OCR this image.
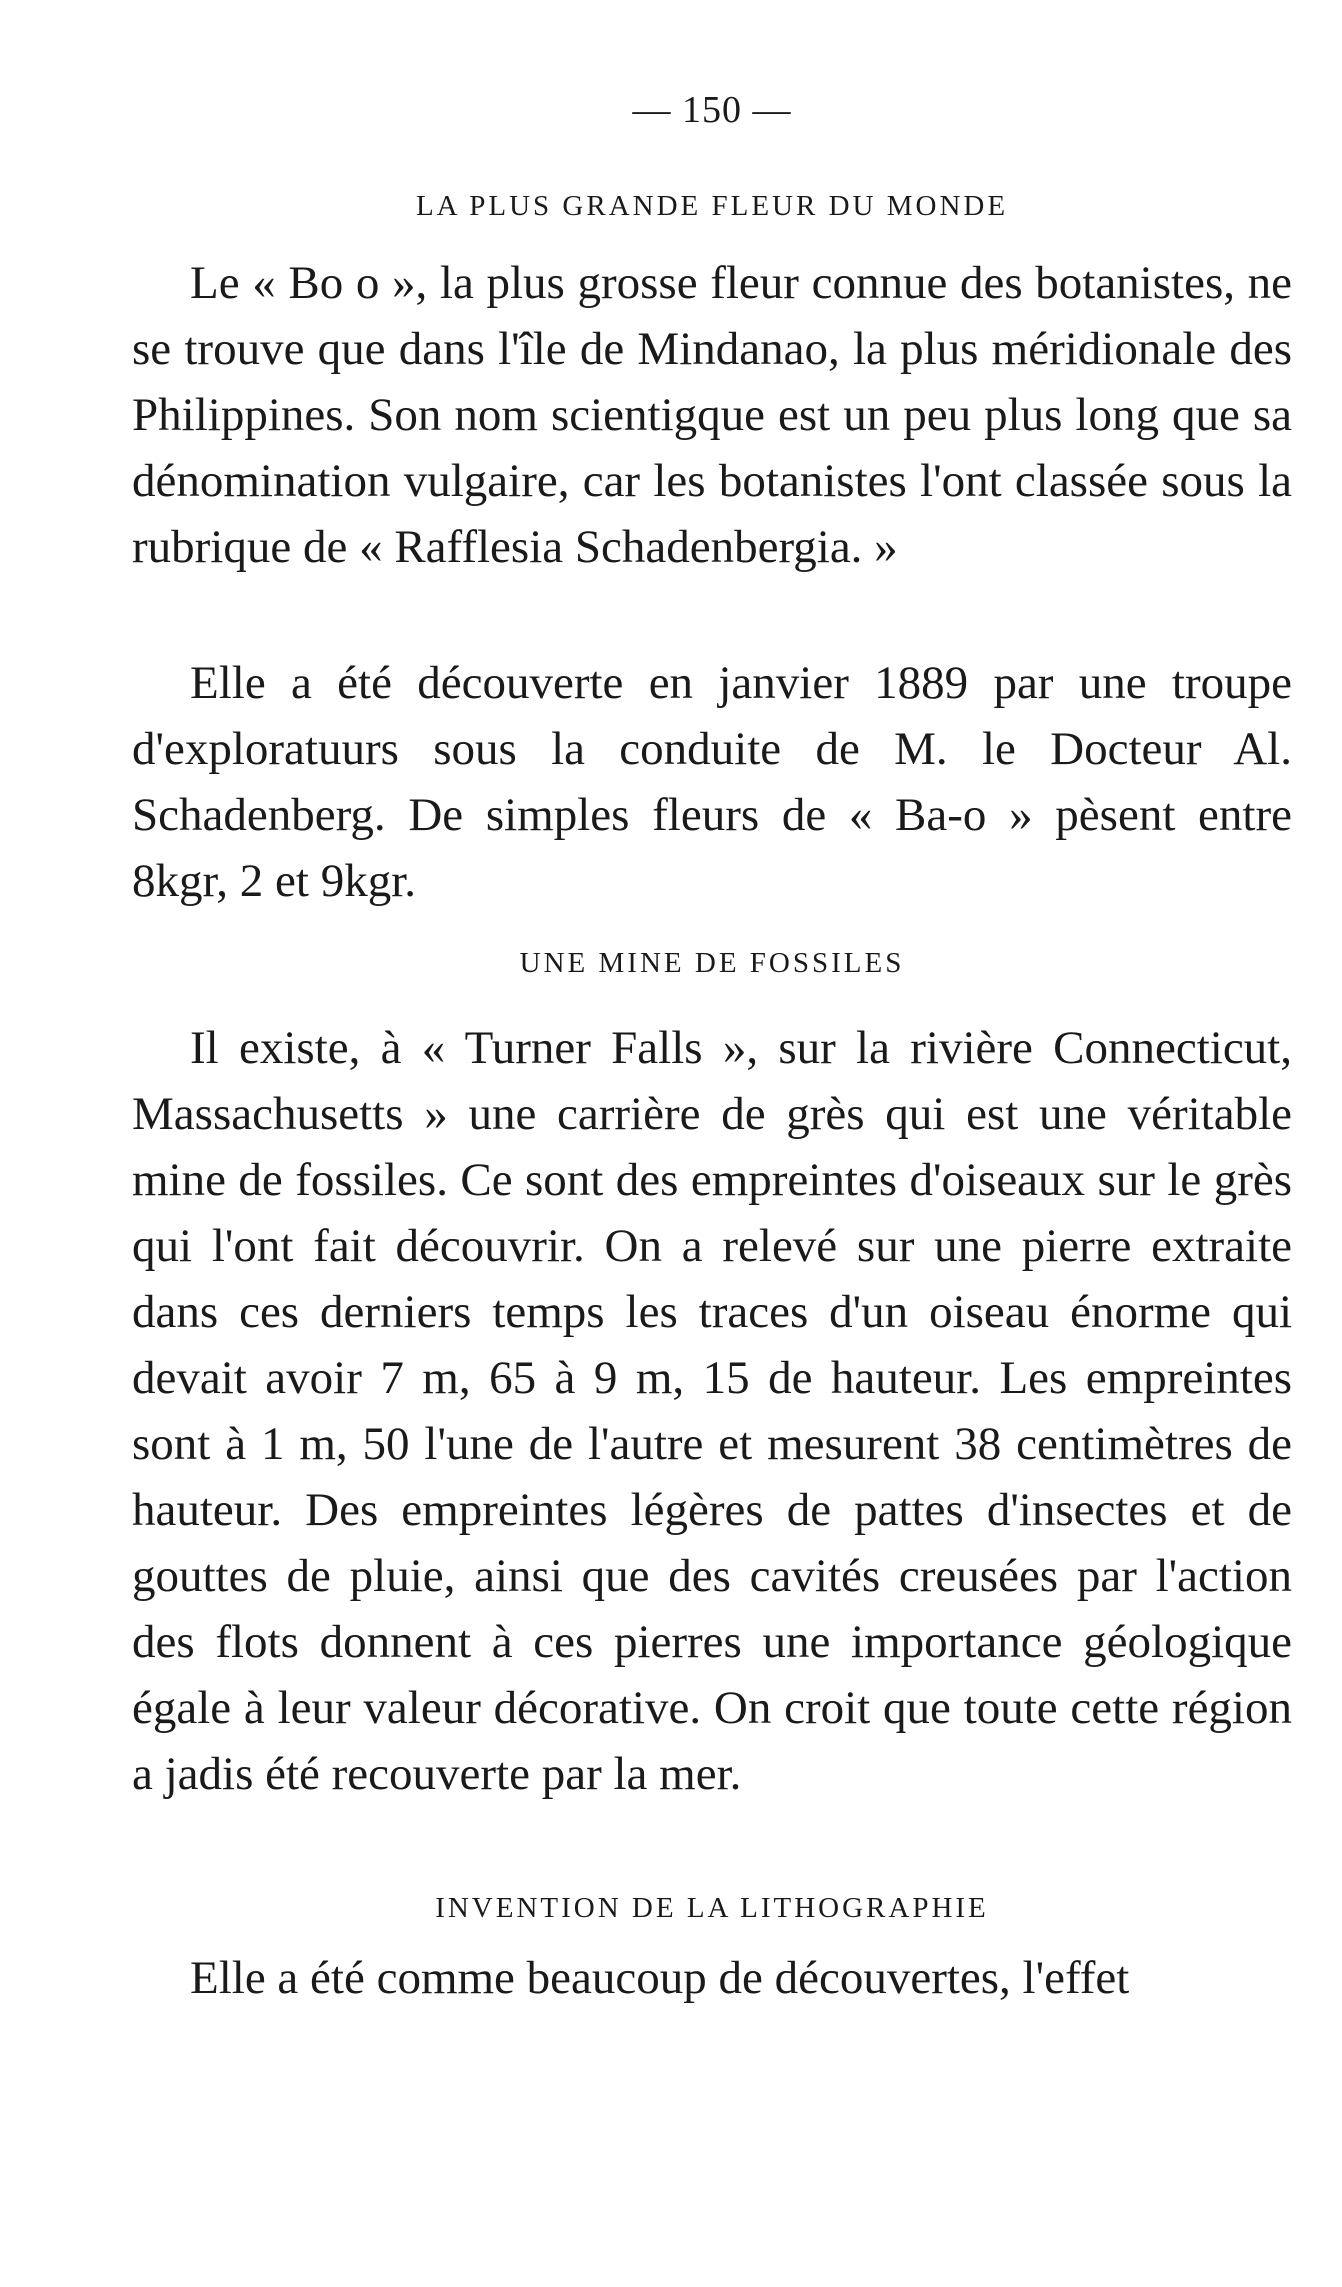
— 150 —
LA PLUS GRANDE FLEUR DU MONDE

Le « Bo o », la plus grosse fleur connue des botanistes, ne se trouve que dans l'île de Mindanao, la plus méridionale des Philippines. Son nom scientigque est un peu plus long que sa dénomination vulgaire, car les botanistes l'ont classée sous la rubrique de « Rafflesia Schadenbergia. »

Elle a été découverte en janvier 1889 par une troupe d'exploratuurs sous la conduite de M. le Docteur Al. Schadenberg. De simples fleurs de « Ba-o » pèsent entre 8kgr, 2 et 9kgr.

UNE MINE DE FOSSILES

Il existe, à « Turner Falls », sur la rivière Connecticut, Massachusetts » une carrière de grès qui est une véritable mine de fossiles. Ce sont des empreintes d'oiseaux sur le grès qui l'ont fait découvrir. On a relevé sur une pierre extraite dans ces derniers temps les traces d'un oiseau énorme qui devait avoir 7 m, 65 à 9 m, 15 de hauteur. Les empreintes sont à 1 m, 50 l'une de l'autre et mesurent 38 centimètres de hauteur. Des empreintes légères de pattes d'insectes et de gouttes de pluie, ainsi que des cavités creusées par l'action des flots donnent à ces pierres une importance géologique égale à leur valeur décorative. On croit que toute cette région a jadis été recouverte par la mer.

INVENTION DE LA LITHOGRAPHIE

Elle a été comme beaucoup de découvertes, l'effet
